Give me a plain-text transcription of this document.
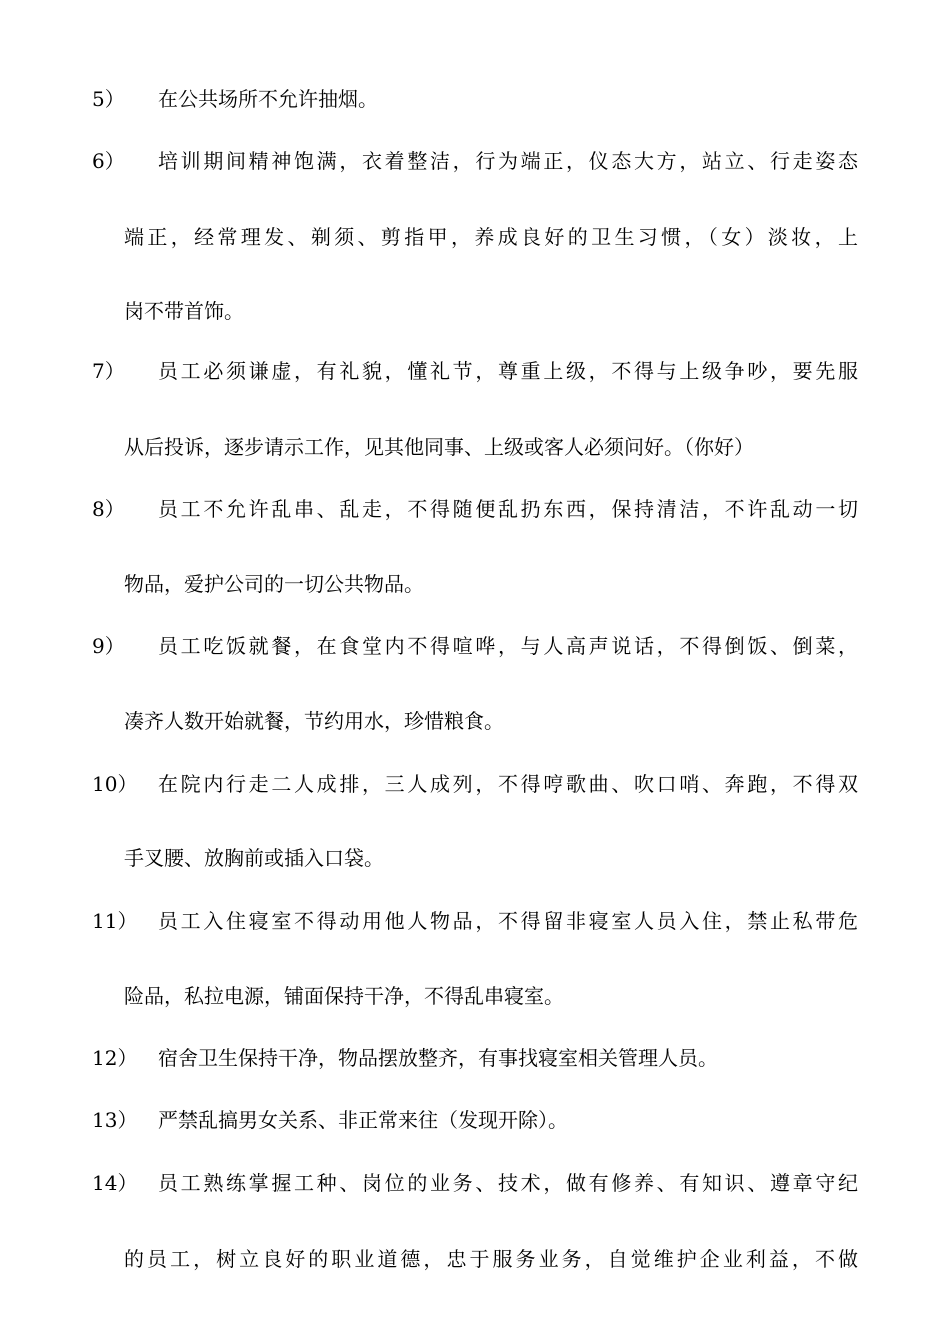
5）	在公共场所不允许抽烟。
6）	培训期间精神饱满，衣着整洁，行为端正，仪态大方，站立、行走姿态
端正，经常理发、剃须、剪指甲，养成良好的卫生习惯，（女）淡妆，上
岗不带首饰。
7）	员工必须谦虚，有礼貌，懂礼节，尊重上级，不得与上级争吵，要先服
从后投诉，逐步请示工作，见其他同事、上级或客人必须问好。（你好）
8）	员工不允许乱串、乱走，不得随便乱扔东西，保持清洁，不许乱动一切
物品，爱护公司的一切公共物品。
9）	员工吃饭就餐，在食堂内不得喧哗，与人高声说话，不得倒饭、倒菜，
凑齐人数开始就餐，节约用水，珍惜粮食。
10）	在院内行走二人成排，三人成列，不得哼歌曲、吹口哨、奔跑，不得双
手叉腰、放胸前或插入口袋。
11）	员工入住寝室不得动用他人物品，不得留非寝室人员入住，禁止私带危
险品，私拉电源，铺面保持干净，不得乱串寝室。
12）	宿舍卫生保持干净，物品摆放整齐，有事找寝室相关管理人员。
13）	严禁乱搞男女关系、非正常来往（发现开除）。
14）	员工熟练掌握工种、岗位的业务、技术，做有修养、有知识、遵章守纪
的员工，树立良好的职业道德，忠于服务业务，自觉维护企业利益，不做
